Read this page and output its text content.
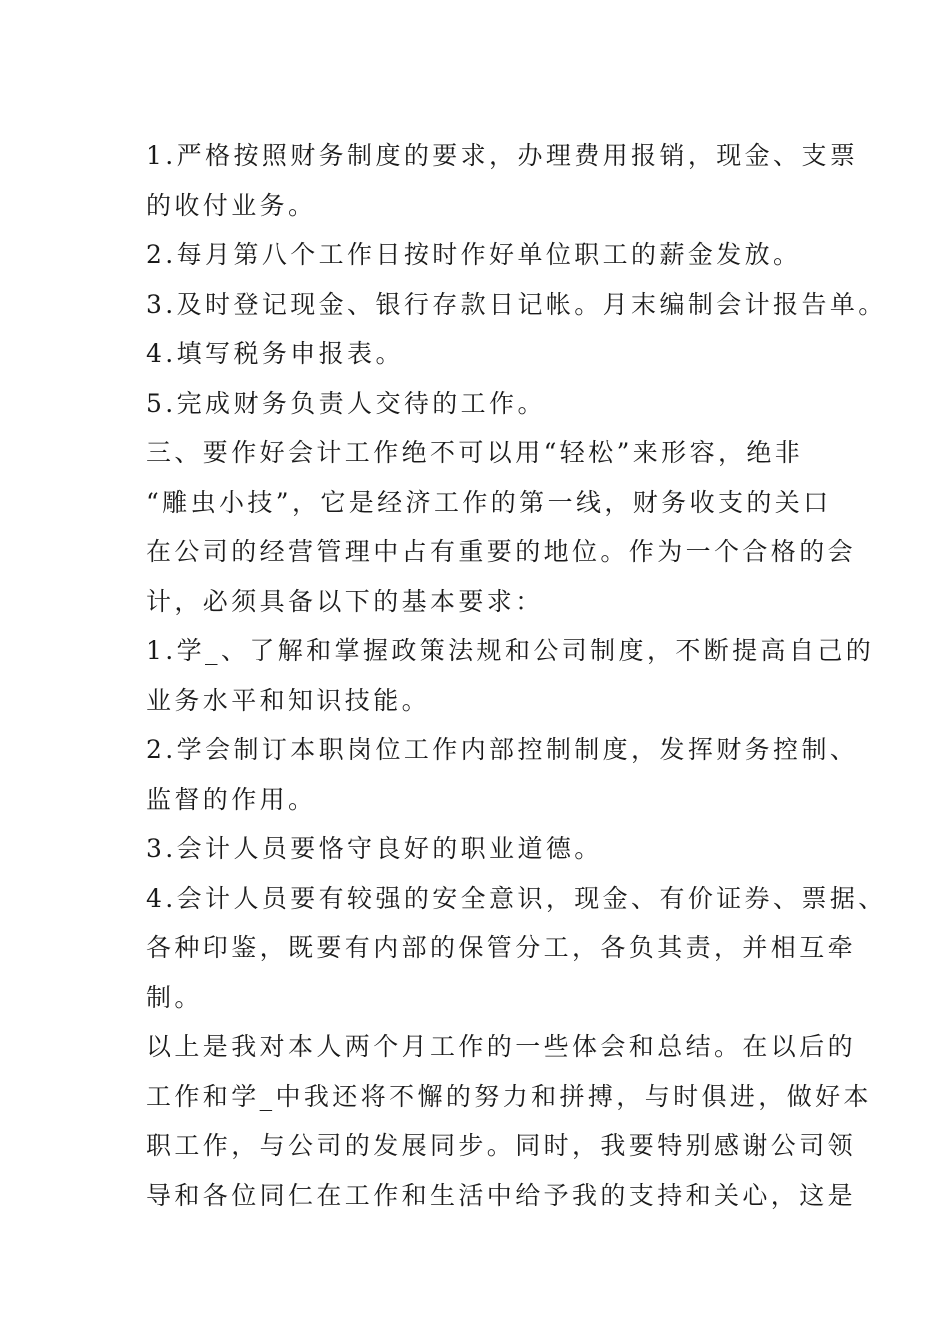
1.严格按照财务制度的要求，办理费用报销，现金、支票
的收付业务。
2.每月第八个工作日按时作好单位职工的薪金发放。
3.及时登记现金、银行存款日记帐。月末编制会计报告单。
4.填写税务申报表。
5.完成财务负责人交待的工作。
三、要作好会计工作绝不可以用“轻松”来形容，绝非
“雕虫小技”，它是经济工作的第一线，财务收支的关口
在公司的经营管理中占有重要的地位。作为一个合格的会
计，必须具备以下的基本要求：
1.学_、了解和掌握政策法规和公司制度，不断提高自己的
业务水平和知识技能。
2.学会制订本职岗位工作内部控制制度，发挥财务控制、
监督的作用。
3.会计人员要恪守良好的职业道德。
4.会计人员要有较强的安全意识，现金、有价证券、票据、
各种印鉴，既要有内部的保管分工，各负其责，并相互牵
制。
以上是我对本人两个月工作的一些体会和总结。在以后的
工作和学_中我还将不懈的努力和拼搏，与时俱进，做好本
职工作，与公司的发展同步。同时，我要特别感谢公司领
导和各位同仁在工作和生活中给予我的支持和关心，这是
